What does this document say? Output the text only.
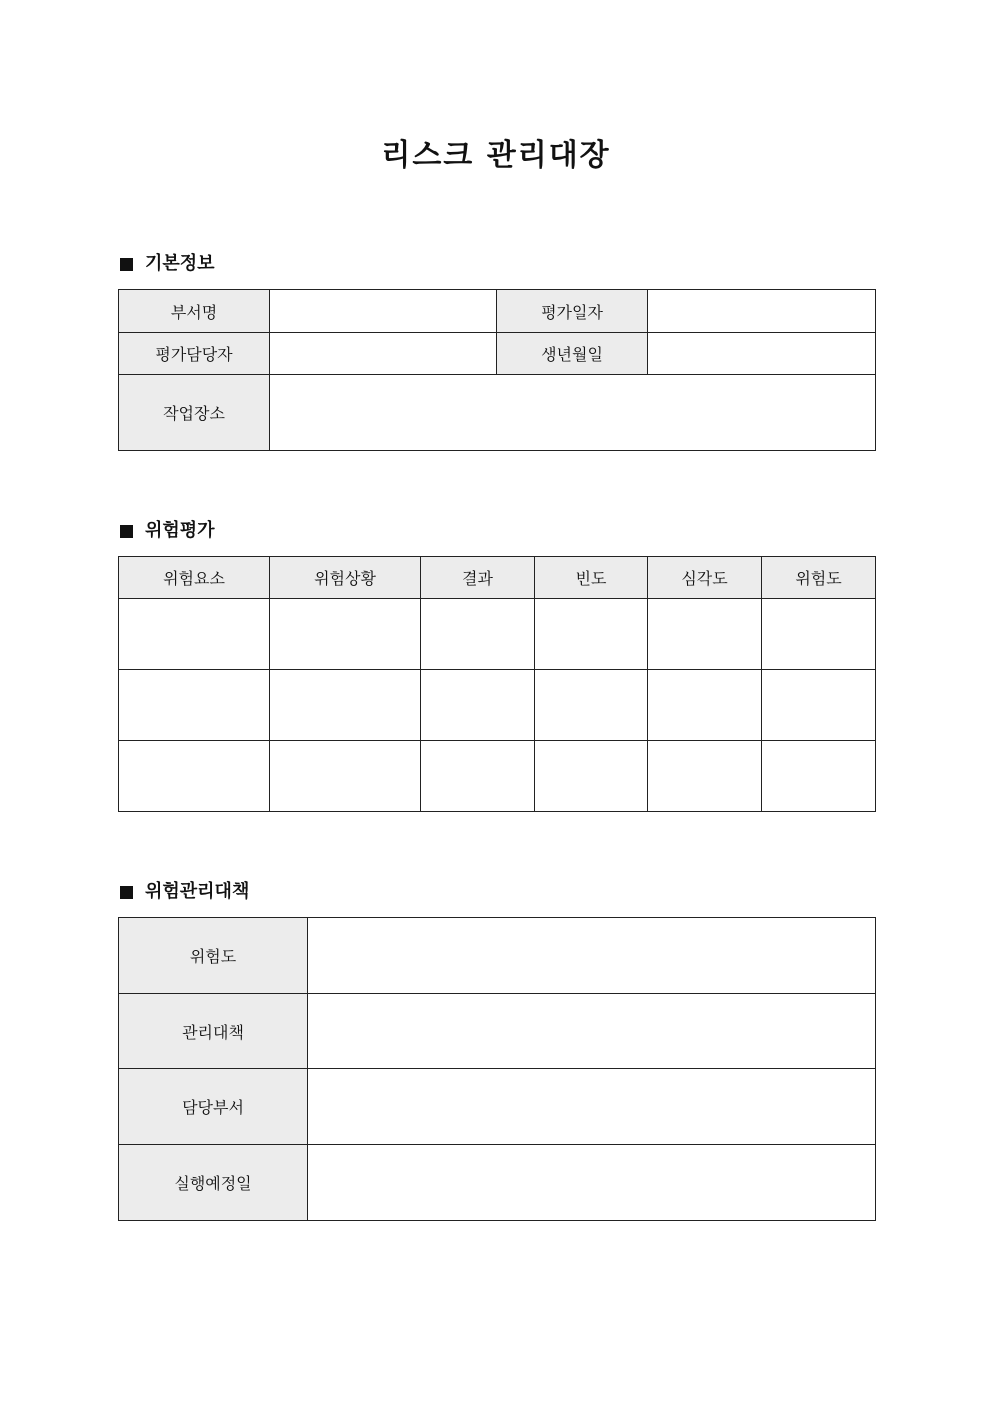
리스크 관리대장
기본정보
부서명		평가일자	
평가담당자		생년월일	
작업장소			
위험평가
위험요소	위험상황	결과	빈도	심각도	위험도

위험관리대책
위험도	
관리대책	
담당부서	
실행예정일	
